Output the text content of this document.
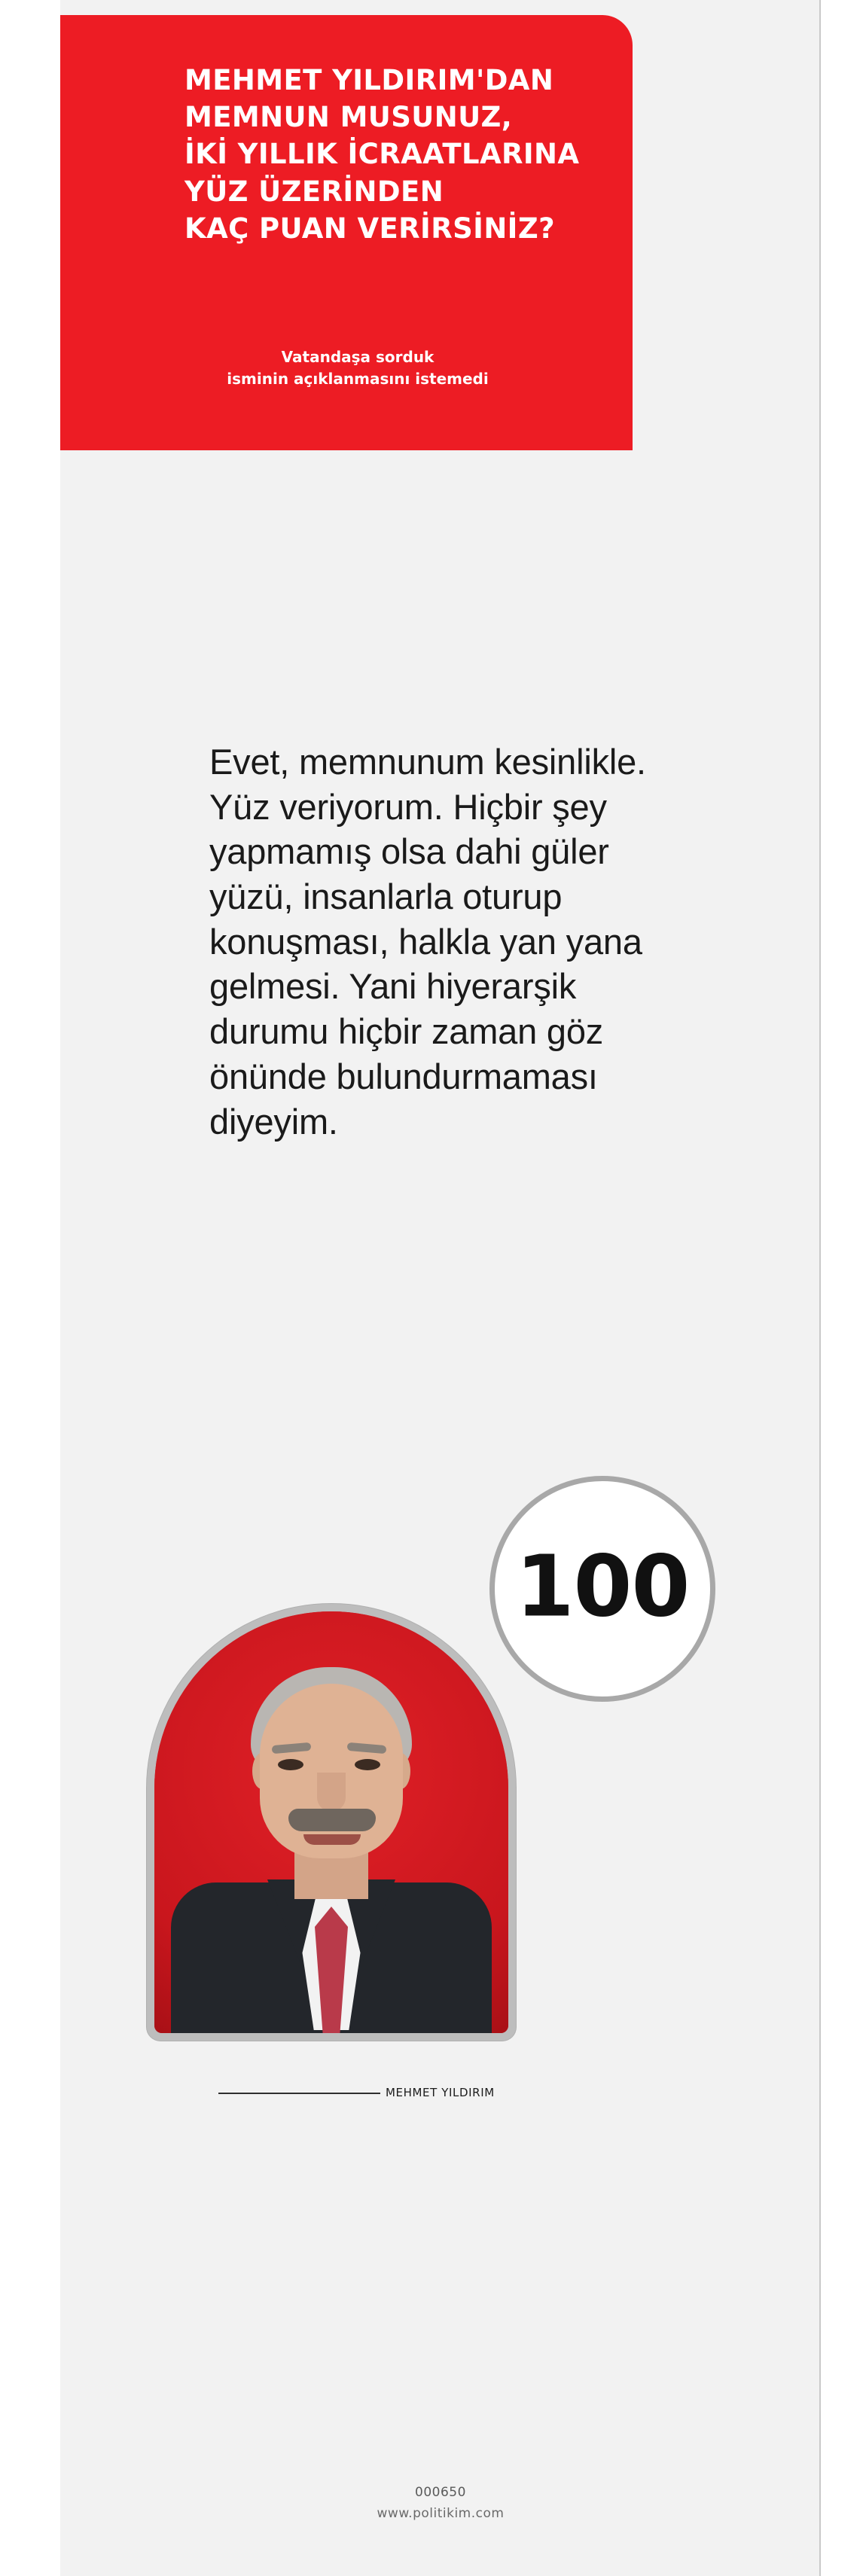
MEHMET YILDIRIM'DAN
MEMNUN MUSUNUZ,
İKİ YILLIK İCRAATLARINA
YÜZ ÜZERİNDEN
KAÇ PUAN VERİRSİNİZ?
Vatandaşa sorduk
isminin açıklanmasını istemedi
Evet, memnunum kesinlikle. Yüz veriyorum. Hiçbir şey yapmamış olsa dahi güler yüzü, insanlarla oturup konuşması, halkla yan yana gelmesi. Yani hiyerarşik durumu hiçbir zaman göz önünde bulundurmaması diyeyim.
100
MEHMET YILDIRIM
000650
www.politikim.com
